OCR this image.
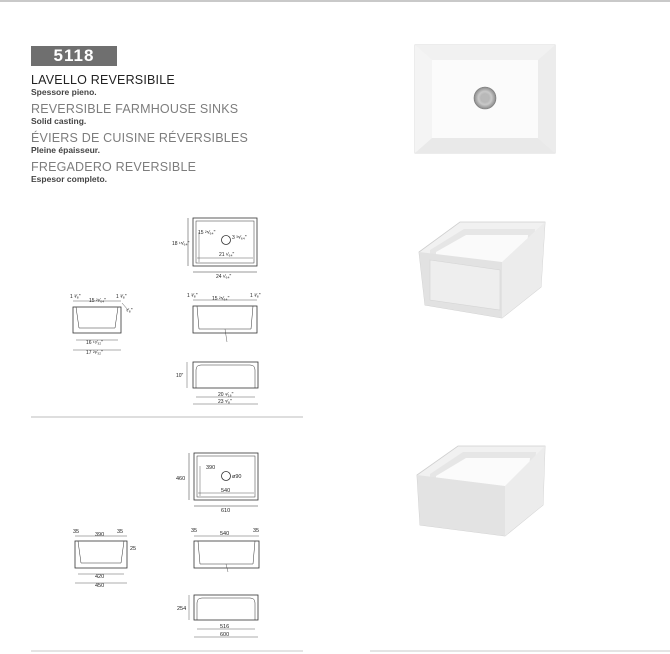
5118

LAVELLO REVERSIBILE

Spessore pieno.

REVERSIBLE FARMHOUSE SINKS

Solid casting.

ÉVIERS DE CUISINE RÉVERSIBLES

Pleine épaisseur.

FREGADERO REVERSIBLE

Espesor completo.

18 ¹⁵⁄₆₄"
15 ²⁵⁄₆₄"
3 ³⁵⁄₆₄"
21 ¹⁄₆₄"
24 ¹⁄₆₄"
1 ³⁄₈"
15 ²¹⁄₆₄"
1 ³⁄₈"
⁷⁄₈"
16 ¹⁷⁄₃₂"
17 ²¹⁄₃₂"
1 ³⁄₈"	15 ²⁵⁄₆₄"	1 ³⁄₈"
10"
20 ⁹⁄₁₆"
23 ⁵⁄₈"
460
390
ø90
540
610
35	390 35
25
420
450
35	540	35
254
516
600
